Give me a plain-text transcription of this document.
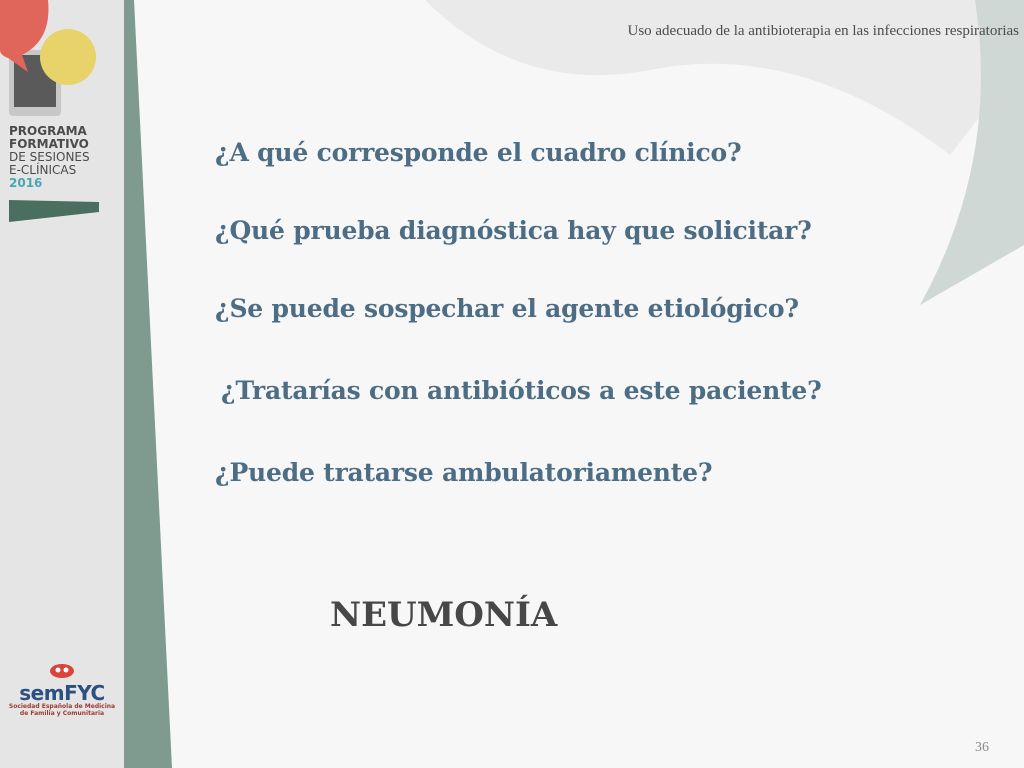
PROGRAMA
FORMATIVO
DE SESIONES
E-CLÍNICAS
2016
semFYC
Sociedad Española de Medicina
de Familia y Comunitaria
Uso adecuado de la antibioterapia en las infecciones respiratorias
¿A qué corresponde el cuadro clínico?
¿Qué prueba diagnóstica hay que solicitar?
¿Se puede sospechar el agente etiológico?
¿Tratarías con antibióticos a este paciente?
¿Puede tratarse ambulatoriamente?
NEUMONÍA
36
